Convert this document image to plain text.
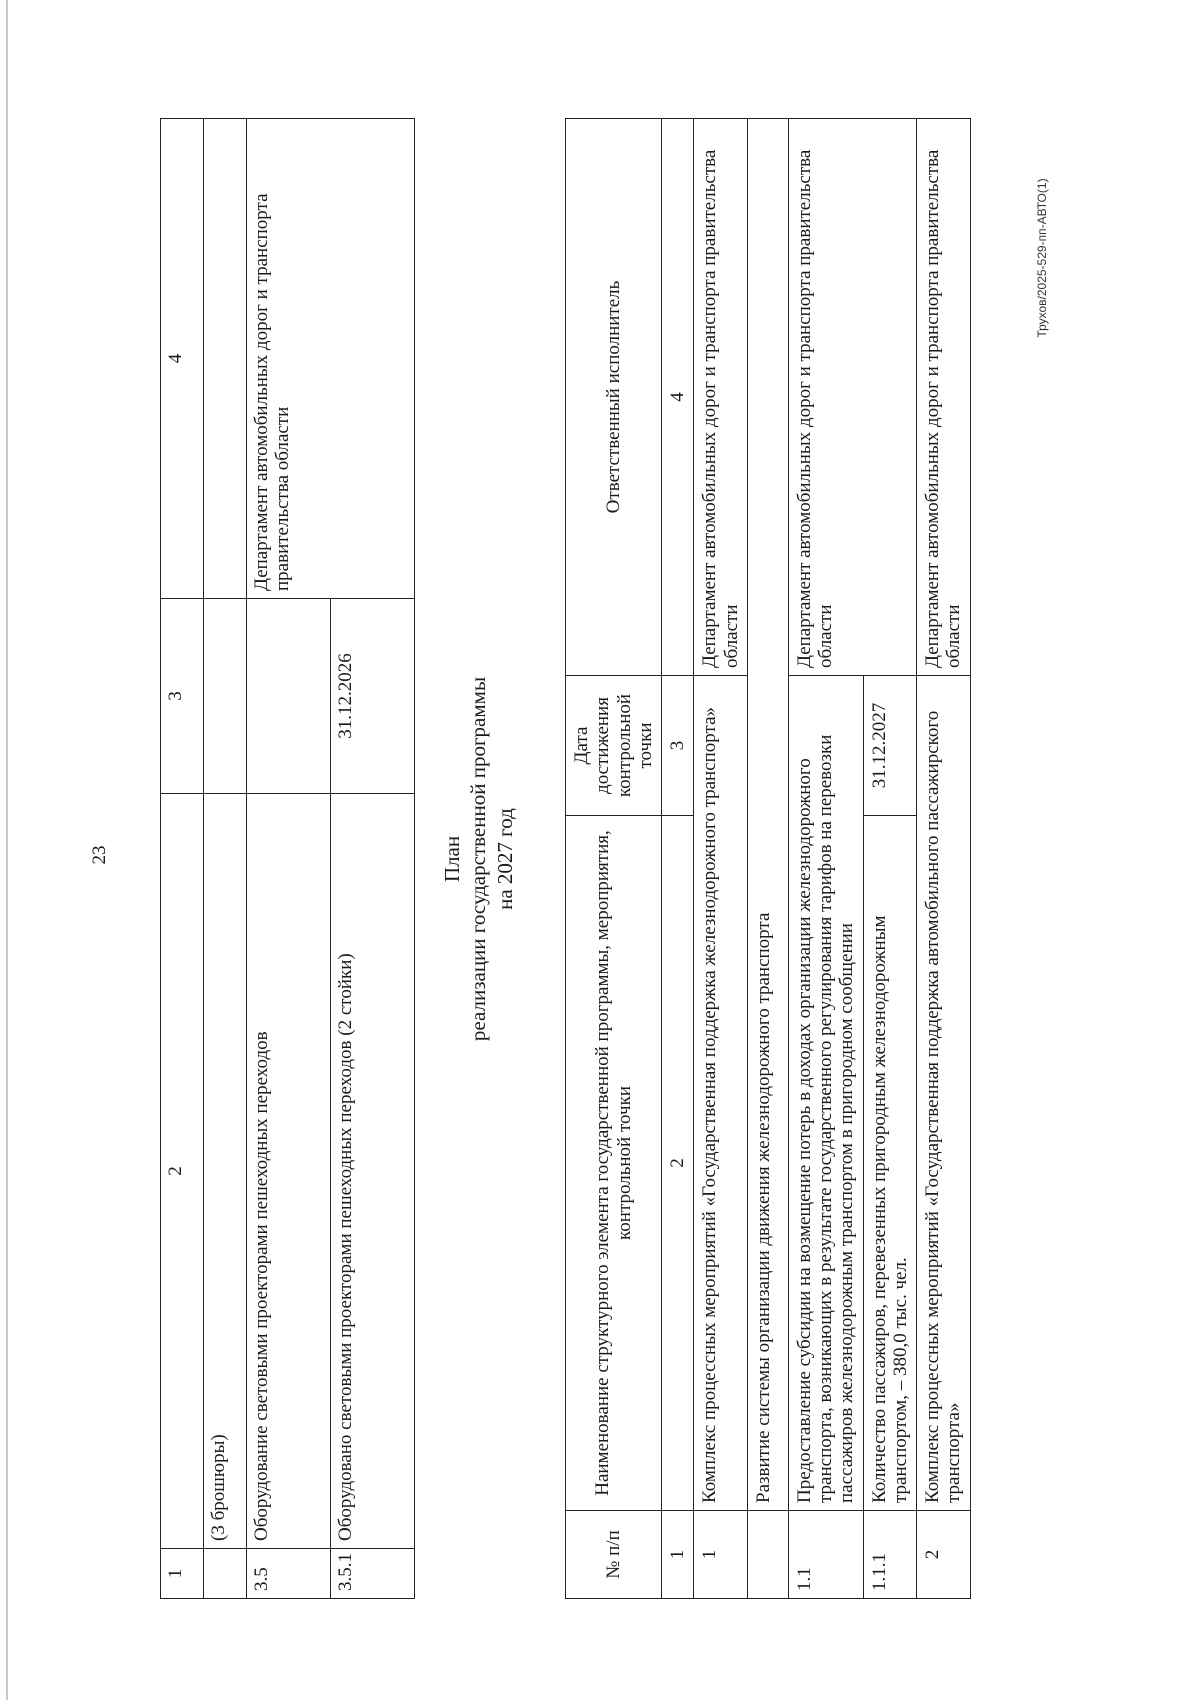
23
Трухов/2025-529-пп-АВТО(1)
1	2	3	4
	(3 брошюры)		
3.5	Оборудование световыми проекторами пешеходных переходов		Департамент автомобильных дорог и транспорта правительства области
3.5.1	Оборудовано световыми проекторами пешеходных переходов (2 стойки)	31.12.2026	
План реализации государственной программы на 2027 год
№ п/п	Наименование структурного элемента государственной программы, мероприятия, контрольной точки	Дата достижения контрольной точки	Ответственный исполнитель
1	2	3	4
1	Комплекс процессных мероприятий «Государственная поддержка железнодорожного транспорта»		Департамент автомобильных дорог и транспорта правительства области
	Развитие системы организации движения железнодорожного транспорта		
1.1	Предоставление субсидии на возмещение потерь в доходах организации железнодорожного транспорта, возникающих в результате государственного регулирования тарифов на перевозки пассажиров железнодорожным транспортом в пригородном сообщении		Департамент автомобильных дорог и транспорта правительства области
1.1.1	Количество пассажиров, перевезенных пригородным железнодорожным транспортом, – 380,0 тыс. чел.	31.12.2027	
2	Комплекс процессных мероприятий «Государственная поддержка автомобильного пассажирского транспорта»		Департамент автомобильных дорог и транспорта правительства области
